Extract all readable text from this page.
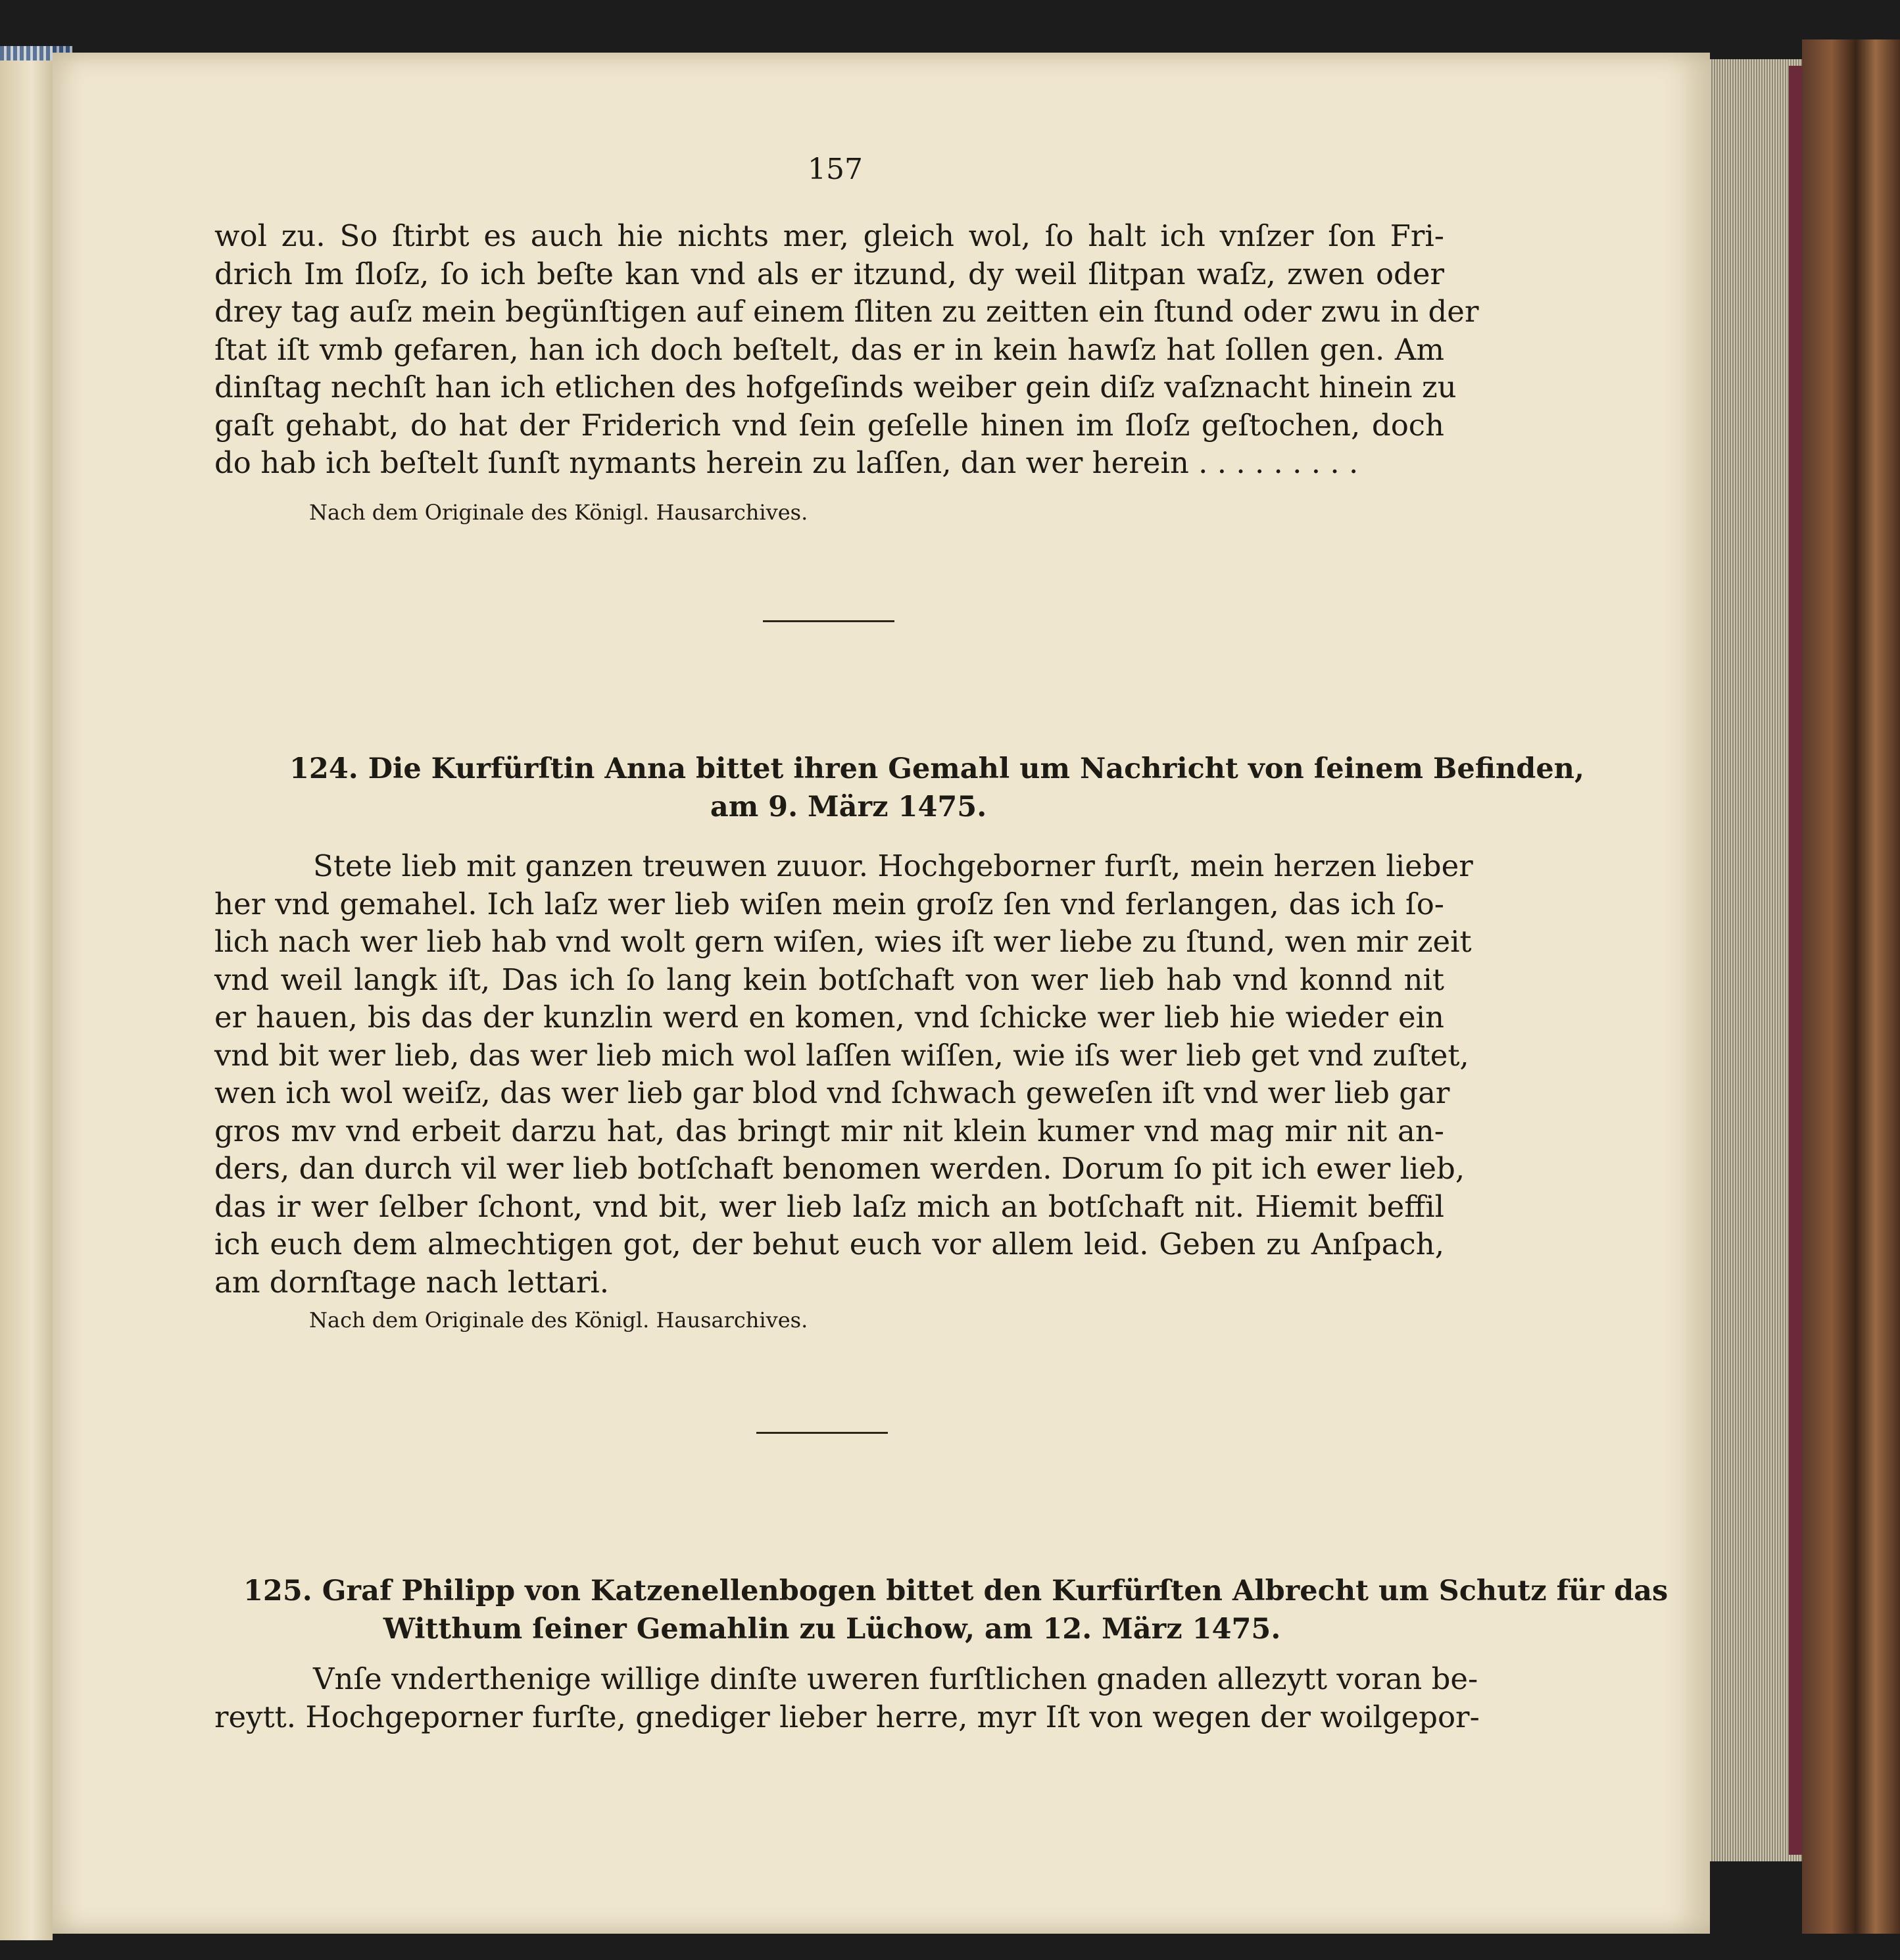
157
wol zu. So ſtirbt es auch hie nichts mer, gleich wol, ſo halt ich vnſzer ſon Fri-
drich Im ſloſz, ſo ich beſte kan vnd als er itzund, dy weil ſlitpan waſz, zwen oder
drey tag auſz mein begünſtigen auf einem ſliten zu zeitten ein ſtund oder zwu in der
ſtat iſt vmb gefaren, han ich doch beſtelt, das er in kein hawſz hat ſollen gen. Am
dinſtag nechſt han ich etlichen des hofgeſinds weiber gein diſz vaſznacht hinein zu
gaſt gehabt, do hat der Friderich vnd ſein geſelle hinen im ſloſz geſtochen, doch
do hab ich beſtelt ſunſt nymants herein zu laſſen, dan wer herein . . . . . . . . .
Nach dem Originale des Königl. Hausarchives.
124. Die Kurfürſtin Anna bittet ihren Gemahl um Nachricht von ſeinem Befinden,
am 9. März 1475.
Stete lieb mit ganzen treuwen zuuor. Hochgeborner furſt, mein herzen lieber
her vnd gemahel. Ich laſz wer lieb wiſen mein groſz ſen vnd ferlangen, das ich ſo-
lich nach wer lieb hab vnd wolt gern wiſen, wies iſt wer liebe zu ſtund, wen mir zeit
vnd weil langk iſt, Das ich ſo lang kein botſchaft von wer lieb hab vnd konnd nit
er hauen, bis das der kunzlin werd en komen, vnd ſchicke wer lieb hie wieder ein
vnd bit wer lieb, das wer lieb mich wol laſſen wiſſen, wie iſs wer lieb get vnd zuſtet,
wen ich wol weiſz, das wer lieb gar blod vnd ſchwach geweſen iſt vnd wer lieb gar
gros mv vnd erbeit darzu hat, das bringt mir nit klein kumer vnd mag mir nit an-
ders, dan durch vil wer lieb botſchaft benomen werden. Dorum ſo pit ich ewer lieb,
das ir wer ſelber ſchont, vnd bit, wer lieb laſz mich an botſchaft nit. Hiemit beffil
ich euch dem almechtigen got, der behut euch vor allem leid. Geben zu Anſpach,
am dornſtage nach lettari.
Nach dem Originale des Königl. Hausarchives.
125. Graf Philipp von Katzenellenbogen bittet den Kurfürſten Albrecht um Schutz für das
Witthum ſeiner Gemahlin zu Lüchow, am 12. März 1475.
Vnſe vnderthenige willige dinſte uweren furſtlichen gnaden allezytt voran be-
reytt. Hochgeporner furſte, gnediger lieber herre, myr Iſt von wegen der woilgepor-
